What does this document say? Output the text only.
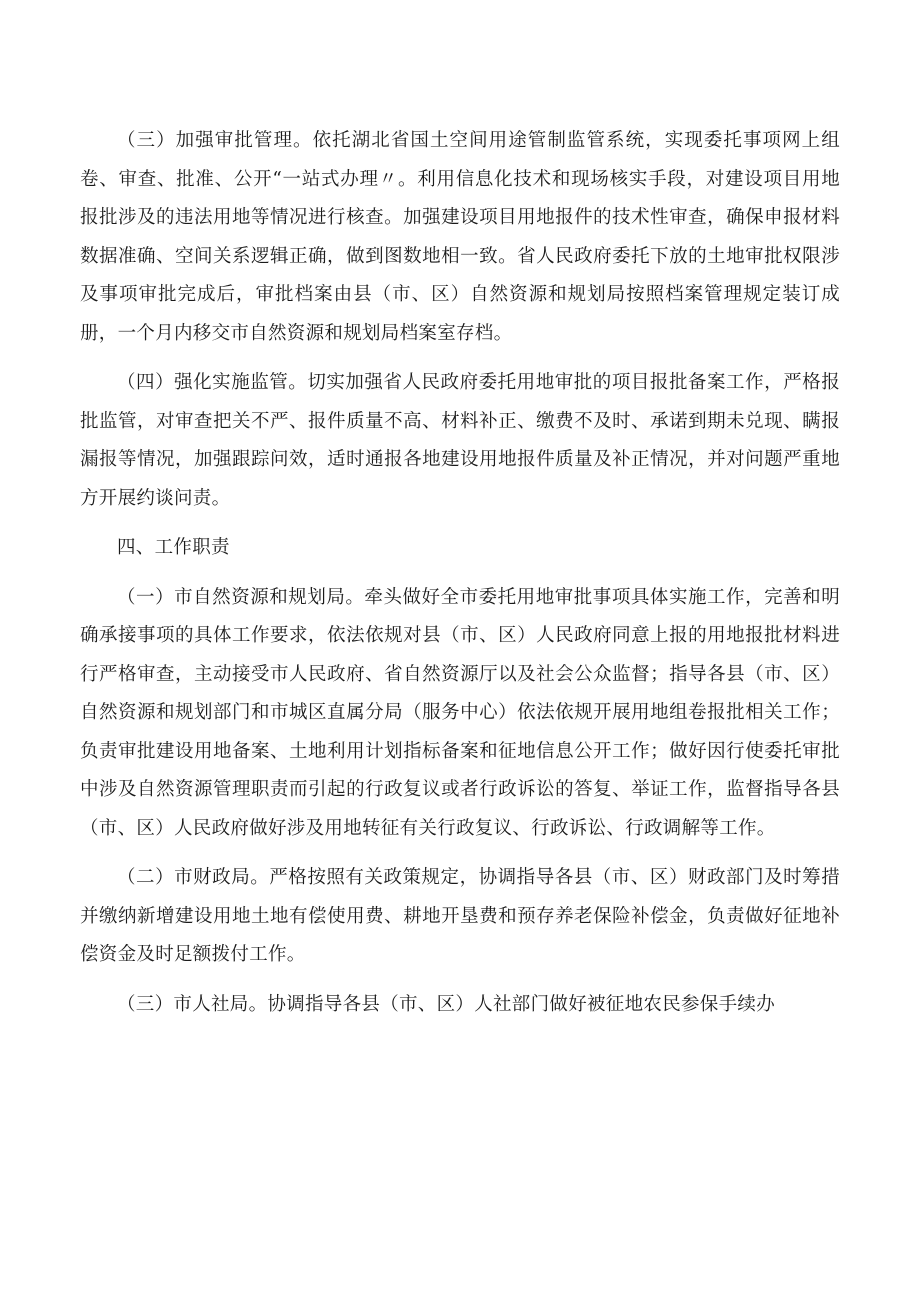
（三）加强审批管理。依托湖北省国土空间用途管制监管系统，实现委托事项网上组卷、审查、批准、公开“一站式办理〃。利用信息化技术和现场核实手段，对建设项目用地报批涉及的违法用地等情况进行核查。加强建设项目用地报件的技术性审查，确保申报材料数据准确、空间关系逻辑正确，做到图数地相一致。省人民政府委托下放的土地审批权限涉及事项审批完成后，审批档案由县（市、区）自然资源和规划局按照档案管理规定装订成册，一个月内移交市自然资源和规划局档案室存档。

（四）强化实施监管。切实加强省人民政府委托用地审批的项目报批备案工作，严格报批监管，对审查把关不严、报件质量不高、材料补正、缴费不及时、承诺到期未兑现、瞒报漏报等情况，加强跟踪问效，适时通报各地建设用地报件质量及补正情况，并对问题严重地方开展约谈问责。

四、工作职责

（一）市自然资源和规划局。牵头做好全市委托用地审批事项具体实施工作，完善和明确承接事项的具体工作要求，依法依规对县（市、区）人民政府同意上报的用地报批材料进行严格审查，主动接受市人民政府、省自然资源厅以及社会公众监督；指导各县（市、区）自然资源和规划部门和市城区直属分局（服务中心）依法依规开展用地组卷报批相关工作；负责审批建设用地备案、土地利用计划指标备案和征地信息公开工作；做好因行使委托审批中涉及自然资源管理职责而引起的行政复议或者行政诉讼的答复、举证工作，监督指导各县（市、区）人民政府做好涉及用地转征有关行政复议、行政诉讼、行政调解等工作。

（二）市财政局。严格按照有关政策规定，协调指导各县（市、区）财政部门及时筹措并缴纳新增建设用地土地有偿使用费、耕地开垦费和预存养老保险补偿金，负责做好征地补偿资金及时足额拨付工作。

（三）市人社局。协调指导各县（市、区）人社部门做好被征地农民参保手续办
